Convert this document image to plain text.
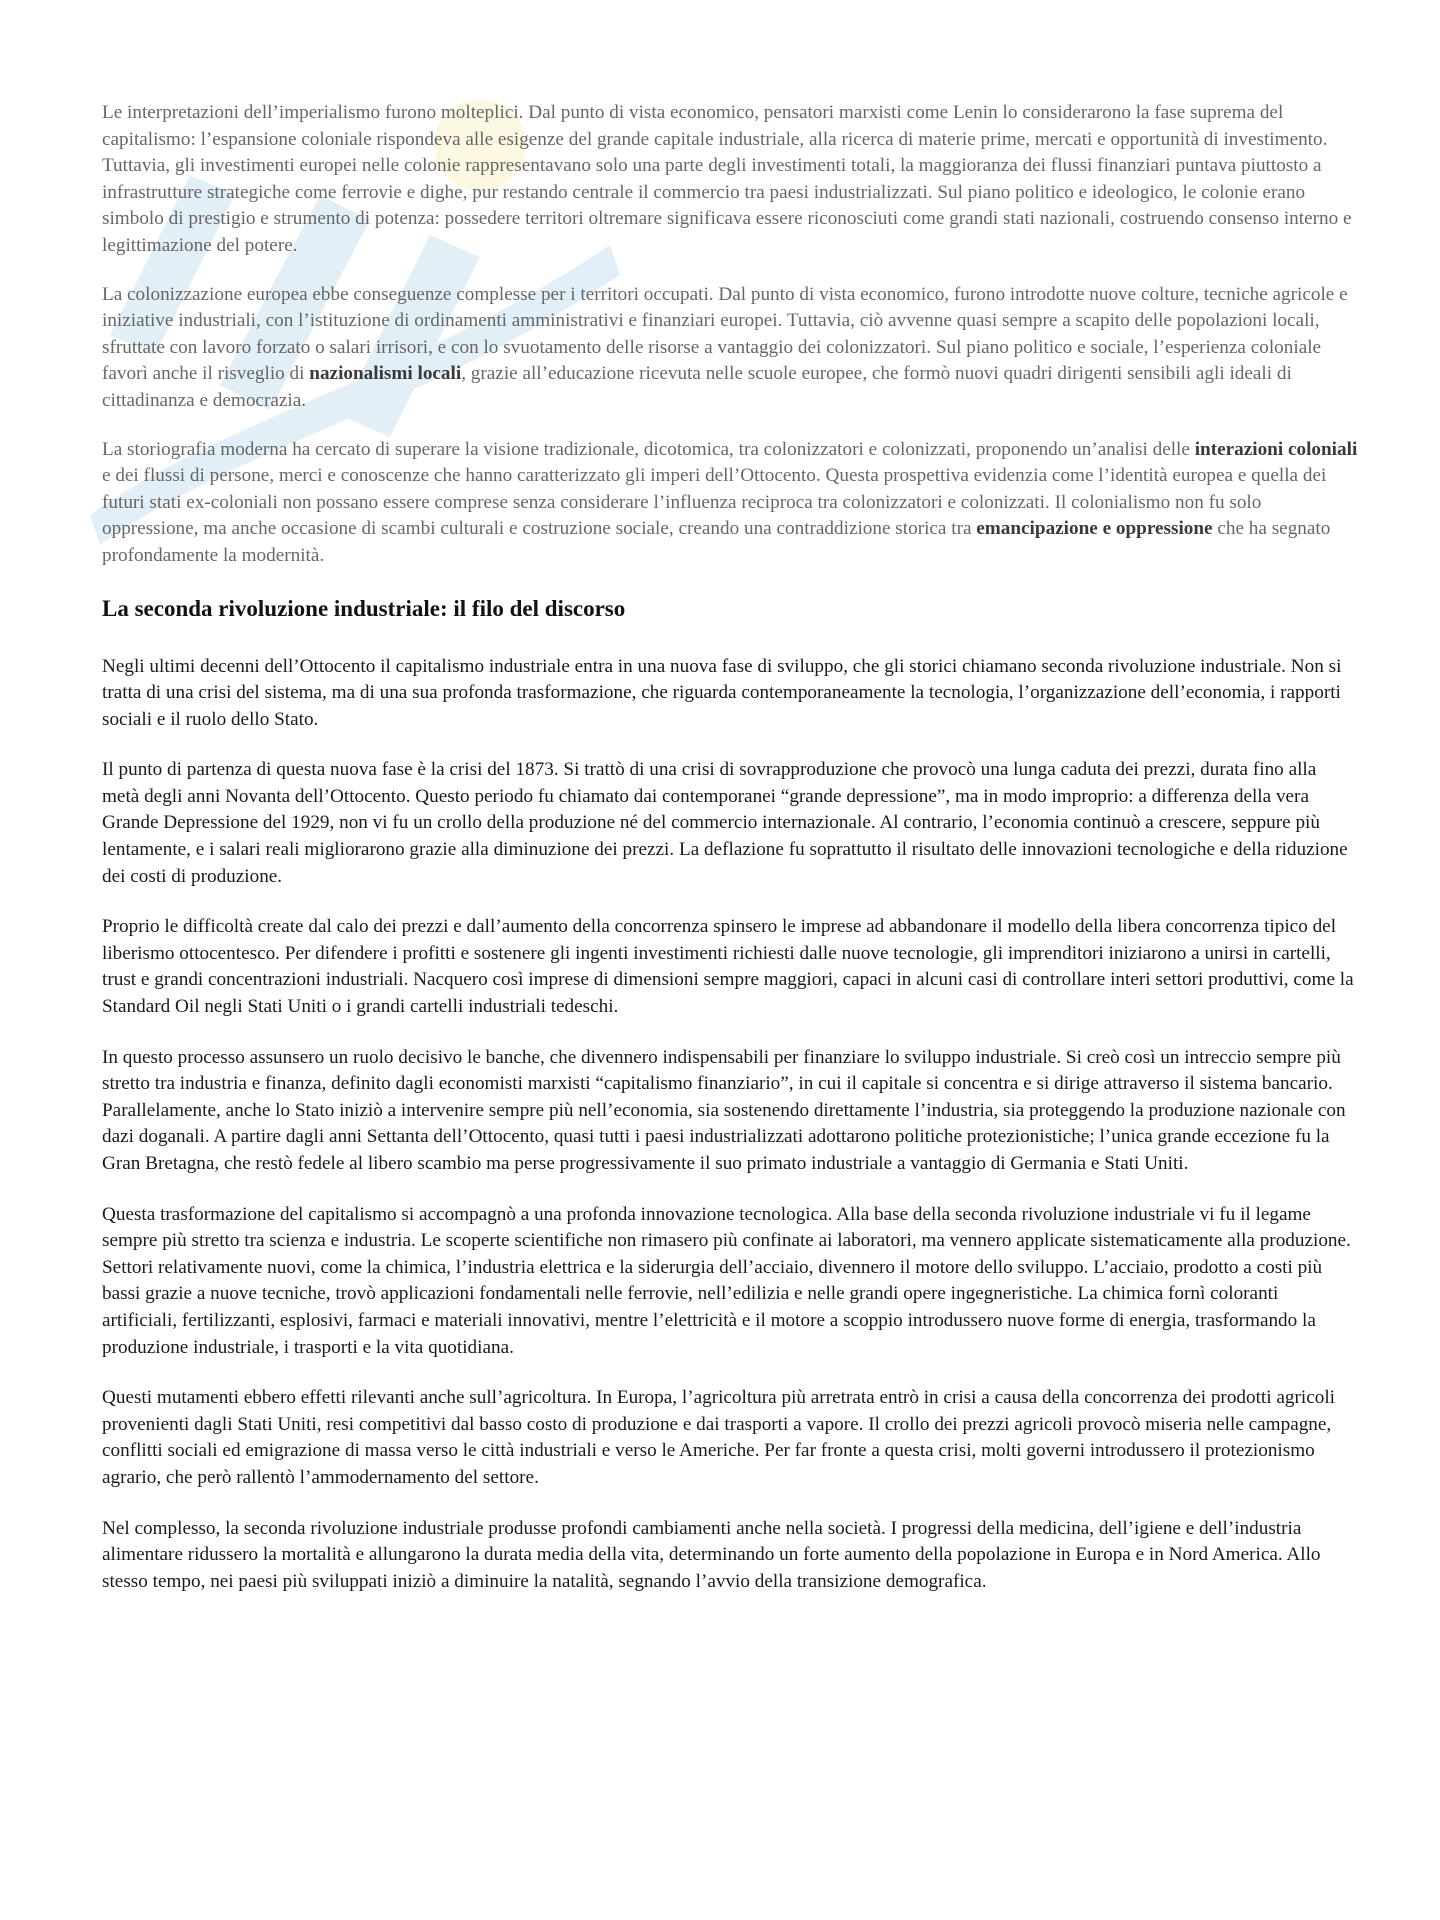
Le interpretazioni dell’imperialismo furono molteplici. Dal punto di vista economico, pensatori marxisti come Lenin lo considerarono la fase suprema del capitalismo: l’espansione coloniale rispondeva alle esigenze del grande capitale industriale, alla ricerca di materie prime, mercati e opportunità di investimento. Tuttavia, gli investimenti europei nelle colonie rappresentavano solo una parte degli investimenti totali, la maggioranza dei flussi finanziari puntava piuttosto a infrastrutture strategiche come ferrovie e dighe, pur restando centrale il commercio tra paesi industrializzati. Sul piano politico e ideologico, le colonie erano simbolo di prestigio e strumento di potenza: possedere territori oltremare significava essere riconosciuti come grandi stati nazionali, costruendo consenso interno e legittimazione del potere.

La colonizzazione europea ebbe conseguenze complesse per i territori occupati. Dal punto di vista economico, furono introdotte nuove colture, tecniche agricole e iniziative industriali, con l’istituzione di ordinamenti amministrativi e finanziari europei. Tuttavia, ciò avvenne quasi sempre a scapito delle popolazioni locali, sfruttate con lavoro forzato o salari irrisori, e con lo svuotamento delle risorse a vantaggio dei colonizzatori. Sul piano politico e sociale, l’esperienza coloniale favorì anche il risveglio di nazionalismi locali, grazie all’educazione ricevuta nelle scuole europee, che formò nuovi quadri dirigenti sensibili agli ideali di cittadinanza e democrazia.

La storiografia moderna ha cercato di superare la visione tradizionale, dicotomica, tra colonizzatori e colonizzati, proponendo un’analisi delle interazioni coloniali e dei flussi di persone, merci e conoscenze che hanno caratterizzato gli imperi dell’Ottocento. Questa prospettiva evidenzia come l’identità europea e quella dei futuri stati ex-coloniali non possano essere comprese senza considerare l’influenza reciproca tra colonizzatori e colonizzati. Il colonialismo non fu solo oppressione, ma anche occasione di scambi culturali e costruzione sociale, creando una contraddizione storica tra emancipazione e oppressione che ha segnato profondamente la modernità.

La seconda rivoluzione industriale: il filo del discorso

Negli ultimi decenni dell’Ottocento il capitalismo industriale entra in una nuova fase di sviluppo, che gli storici chiamano seconda rivoluzione industriale. Non si tratta di una crisi del sistema, ma di una sua profonda trasformazione, che riguarda contemporaneamente la tecnologia, l’organizzazione dell’economia, i rapporti sociali e il ruolo dello Stato.

Il punto di partenza di questa nuova fase è la crisi del 1873. Si trattò di una crisi di sovrapproduzione che provocò una lunga caduta dei prezzi, durata fino alla metà degli anni Novanta dell’Ottocento. Questo periodo fu chiamato dai contemporanei “grande depressione”, ma in modo improprio: a differenza della vera Grande Depressione del 1929, non vi fu un crollo della produzione né del commercio internazionale. Al contrario, l’economia continuò a crescere, seppure più lentamente, e i salari reali migliorarono grazie alla diminuzione dei prezzi. La deflazione fu soprattutto il risultato delle innovazioni tecnologiche e della riduzione dei costi di produzione.

Proprio le difficoltà create dal calo dei prezzi e dall’aumento della concorrenza spinsero le imprese ad abbandonare il modello della libera concorrenza tipico del liberismo ottocentesco. Per difendere i profitti e sostenere gli ingenti investimenti richiesti dalle nuove tecnologie, gli imprenditori iniziarono a unirsi in cartelli, trust e grandi concentrazioni industriali. Nacquero così imprese di dimensioni sempre maggiori, capaci in alcuni casi di controllare interi settori produttivi, come la Standard Oil negli Stati Uniti o i grandi cartelli industriali tedeschi.

In questo processo assunsero un ruolo decisivo le banche, che divennero indispensabili per finanziare lo sviluppo industriale. Si creò così un intreccio sempre più stretto tra industria e finanza, definito dagli economisti marxisti “capitalismo finanziario”, in cui il capitale si concentra e si dirige attraverso il sistema bancario. Parallelamente, anche lo Stato iniziò a intervenire sempre più nell’economia, sia sostenendo direttamente l’industria, sia proteggendo la produzione nazionale con dazi doganali. A partire dagli anni Settanta dell’Ottocento, quasi tutti i paesi industrializzati adottarono politiche protezionistiche; l’unica grande eccezione fu la Gran Bretagna, che restò fedele al libero scambio ma perse progressivamente il suo primato industriale a vantaggio di Germania e Stati Uniti.

Questa trasformazione del capitalismo si accompagnò a una profonda innovazione tecnologica. Alla base della seconda rivoluzione industriale vi fu il legame sempre più stretto tra scienza e industria. Le scoperte scientifiche non rimasero più confinate ai laboratori, ma vennero applicate sistematicamente alla produzione. Settori relativamente nuovi, come la chimica, l’industria elettrica e la siderurgia dell’acciaio, divennero il motore dello sviluppo. L’acciaio, prodotto a costi più bassi grazie a nuove tecniche, trovò applicazioni fondamentali nelle ferrovie, nell’edilizia e nelle grandi opere ingegneristiche. La chimica fornì coloranti artificiali, fertilizzanti, esplosivi, farmaci e materiali innovativi, mentre l’elettricità e il motore a scoppio introdussero nuove forme di energia, trasformando la produzione industriale, i trasporti e la vita quotidiana.

Questi mutamenti ebbero effetti rilevanti anche sull’agricoltura. In Europa, l’agricoltura più arretrata entrò in crisi a causa della concorrenza dei prodotti agricoli provenienti dagli Stati Uniti, resi competitivi dal basso costo di produzione e dai trasporti a vapore. Il crollo dei prezzi agricoli provocò miseria nelle campagne, conflitti sociali ed emigrazione di massa verso le città industriali e verso le Americhe. Per far fronte a questa crisi, molti governi introdussero il protezionismo agrario, che però rallentò l’ammodernamento del settore.

Nel complesso, la seconda rivoluzione industriale produsse profondi cambiamenti anche nella società. I progressi della medicina, dell’igiene e dell’industria alimentare ridussero la mortalità e allungarono la durata media della vita, determinando un forte aumento della popolazione in Europa e in Nord America. Allo stesso tempo, nei paesi più sviluppati iniziò a diminuire la natalità, segnando l’avvio della transizione demografica.
